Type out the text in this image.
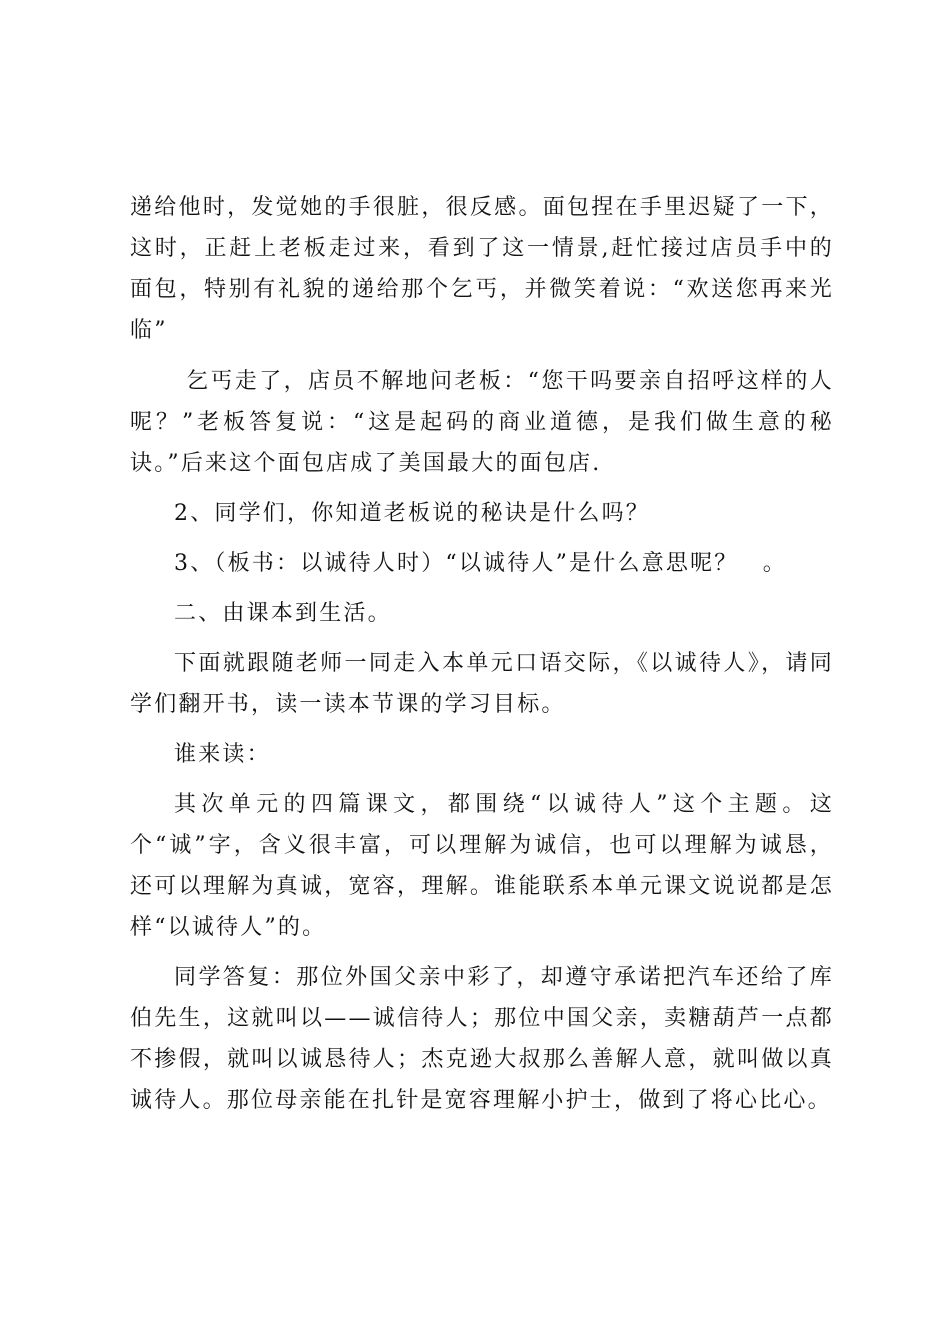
递给他时，发觉她的手很脏，很反感。面包捏在手里迟疑了一下，这时，正赶上老板走过来，看到了这一情景,赶忙接过店员手中的面包，特别有礼貌的递给那个乞丐，并微笑着说：“欢送您再来光临”

乞丐走了，店员不解地问老板：“您干吗要亲自招呼这样的人呢？”老板答复说：“这是起码的商业道德，是我们做生意的秘诀。”后来这个面包店成了美国最大的面包店.

2、同学们，你知道老板说的秘诀是什么吗？

3、（板书：以诚待人时）“以诚待人”是什么意思呢？　。

二、由课本到生活。

下面就跟随老师一同走入本单元口语交际，《以诚待人》，请同学们翻开书，读一读本节课的学习目标。

谁来读：

其次单元的四篇课文，都围绕“以诚待人”这个主题。这个“诚”字，含义很丰富，可以理解为诚信，也可以理解为诚恳，还可以理解为真诚，宽容，理解。谁能联系本单元课文说说都是怎样“以诚待人”的。

同学答复：那位外国父亲中彩了，却遵守承诺把汽车还给了库伯先生，这就叫以——诚信待人；那位中国父亲，卖糖葫芦一点都不掺假，就叫以诚恳待人；杰克逊大叔那么善解人意，就叫做以真诚待人。那位母亲能在扎针是宽容理解小护士，做到了将心比心。
